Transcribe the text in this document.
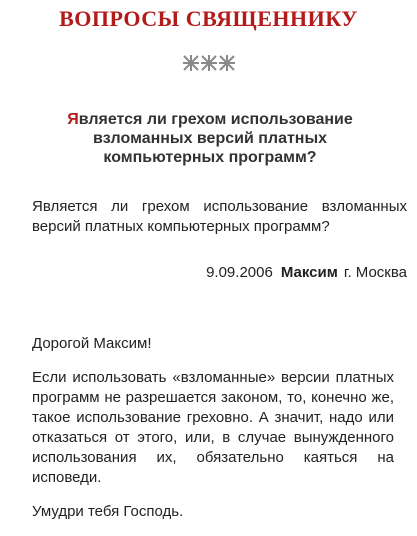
ВОПРОСЫ СВЯЩЕННИКУ
Является ли грехом использование взломанных версий платных компьютерных программ?
Является ли грехом использование взломанных версий платных компьютерных программ?
9.09.2006 Максим г. Москва

Дорогой Максим!

Если использовать «взломанные» версии платных программ не разрешается законом, то, конечно же, такое использование греховно. А значит, надо или отказаться от этого, или, в случае вынужденного использования их, обязательно каяться на исповеди.

Умудри тебя Господь.
